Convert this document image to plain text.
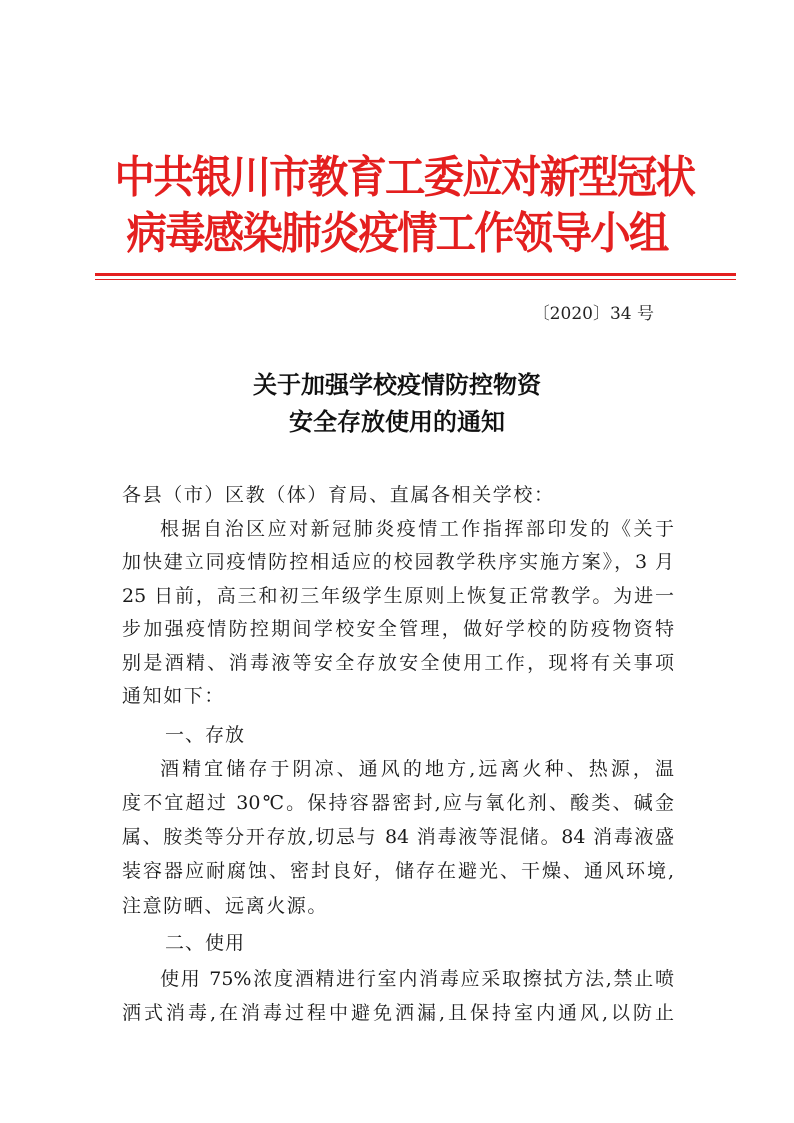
中共银川市教育工委应对新型冠状
病毒感染肺炎疫情工作领导小组
〔2020〕34 号
关于加强学校疫情防控物资
安全存放使用的通知
各县（市）区教（体）育局、直属各相关学校：
根据自治区应对新冠肺炎疫情工作指挥部印发的《关于
加快建立同疫情防控相适应的校园教学秩序实施方案》，3 月
25 日前，高三和初三年级学生原则上恢复正常教学。为进一
步加强疫情防控期间学校安全管理，做好学校的防疫物资特
别是酒精、消毒液等安全存放安全使用工作，现将有关事项
通知如下：
一、存放
酒精宜储存于阴凉、通风的地方,远离火种、热源，温
度不宜超过 30℃。保持容器密封,应与氧化剂、酸类、碱金
属、胺类等分开存放,切忌与 84 消毒液等混储。84 消毒液盛
装容器应耐腐蚀、密封良好，储存在避光、干燥、通风环境,
注意防晒、远离火源。
二、使用
使用 75%浓度酒精进行室内消毒应采取擦拭方法,禁止喷
洒式消毒,在消毒过程中避免洒漏,且保持室内通风,以防止
